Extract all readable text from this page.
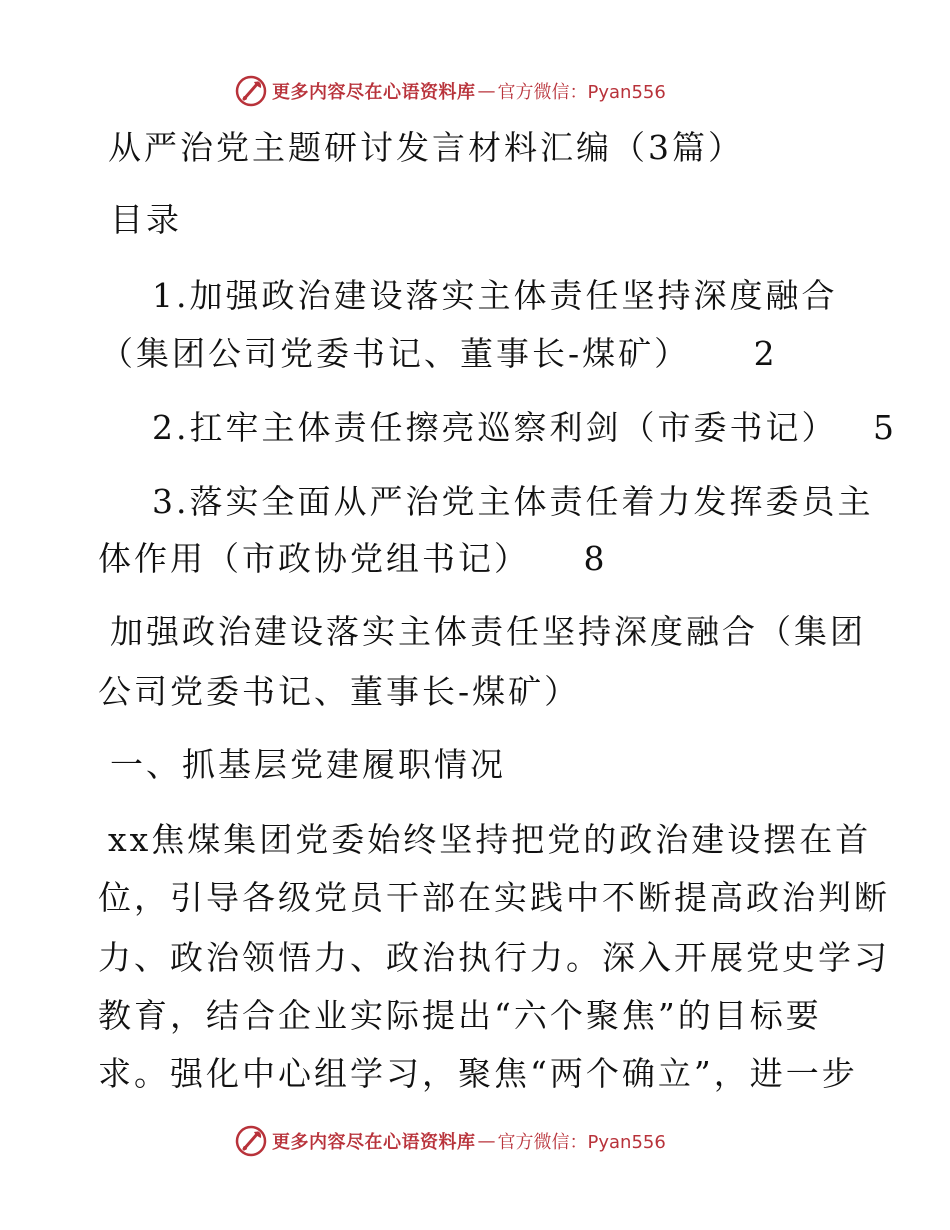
更多内容尽在心语资料库 — 官方微信：Pyan556
从严治党主题研讨发言材料汇编（3篇）
目录
1.加强政治建设落实主体责任坚持深度融合
（集团公司党委书记、董事长-煤矿） 2
2.扛牢主体责任擦亮巡察利剑（市委书记） 5
3.落实全面从严治党主体责任着力发挥委员主
体作用（市政协党组书记） 8
加强政治建设落实主体责任坚持深度融合（集团
公司党委书记、董事长-煤矿）
一、抓基层党建履职情况
xx焦煤集团党委始终坚持把党的政治建设摆在首
位，引导各级党员干部在实践中不断提高政治判断
力、政治领悟力、政治执行力。深入开展党史学习
教育，结合企业实际提出“六个聚焦”的目标要
求。强化中心组学习，聚焦“两个确立”，进一步
更多内容尽在心语资料库 — 官方微信：Pyan556
